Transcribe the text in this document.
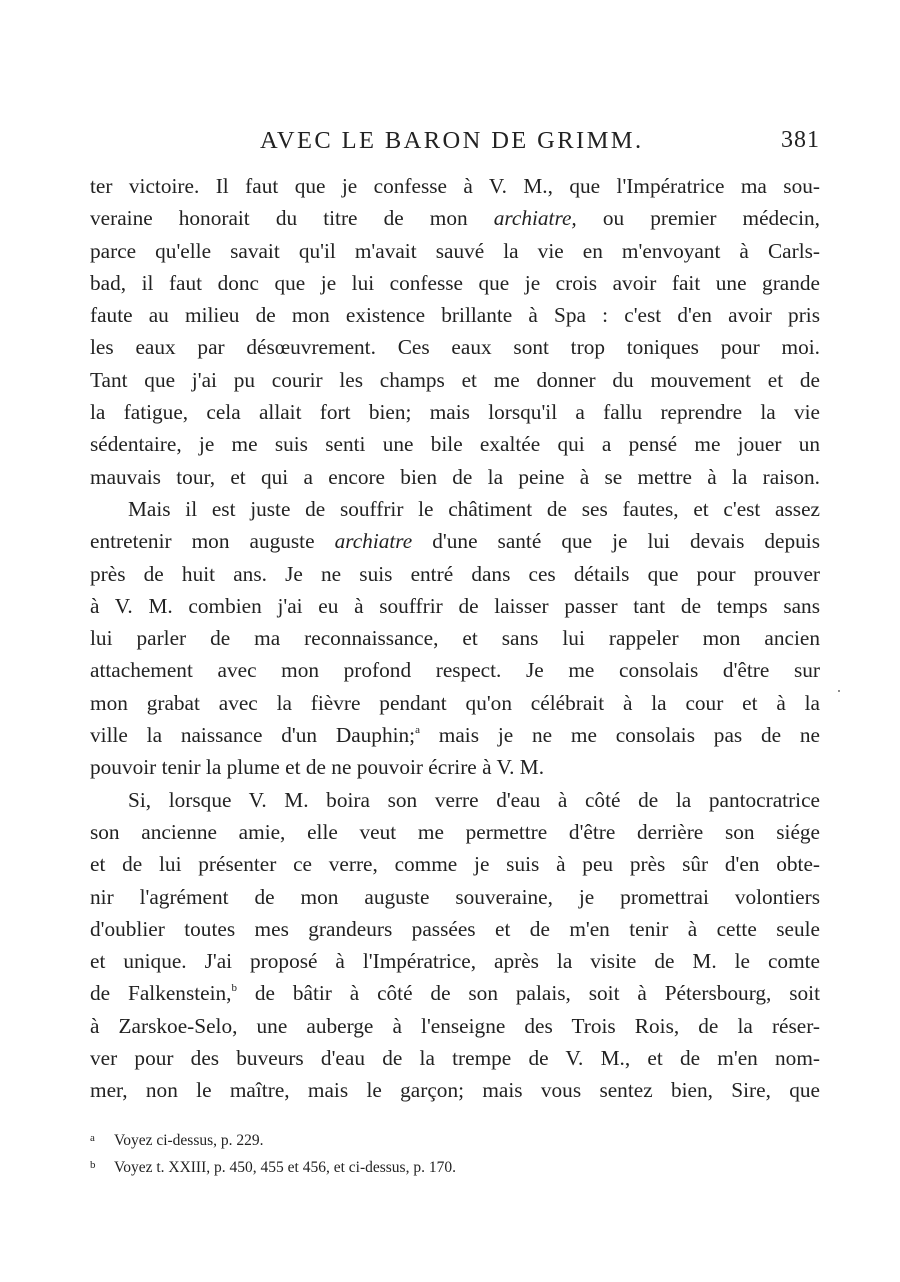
AVEC LE BARON DE GRIMM.	381
ter victoire. Il faut que je confesse à V. M., que l'Impératrice ma sou-
veraine honorait du titre de mon archiatre, ou premier médecin,
parce qu'elle savait qu'il m'avait sauvé la vie en m'envoyant à Carls-
bad, il faut donc que je lui confesse que je crois avoir fait une grande
faute au milieu de mon existence brillante à Spa : c'est d'en avoir pris
les eaux par désœuvrement. Ces eaux sont trop toniques pour moi.
Tant que j'ai pu courir les champs et me donner du mouvement et de
la fatigue, cela allait fort bien; mais lorsqu'il a fallu reprendre la vie
sédentaire, je me suis senti une bile exaltée qui a pensé me jouer un
mauvais tour, et qui a encore bien de la peine à se mettre à la raison.
Mais il est juste de souffrir le châtiment de ses fautes, et c'est assez
entretenir mon auguste archiatre d'une santé que je lui devais depuis
près de huit ans. Je ne suis entré dans ces détails que pour prouver
à V. M. combien j'ai eu à souffrir de laisser passer tant de temps sans
lui parler de ma reconnaissance, et sans lui rappeler mon ancien
attachement avec mon profond respect. Je me consolais d'être sur
mon grabat avec la fièvre pendant qu'on célébrait à la cour et à la
ville la naissance d'un Dauphin;$^a$ mais je ne me consolais pas de ne
pouvoir tenir la plume et de ne pouvoir écrire à V. M.
Si, lorsque V. M. boira son verre d'eau à côté de la pantocratrice
son ancienne amie, elle veut me permettre d'être derrière son siége
et de lui présenter ce verre, comme je suis à peu près sûr d'en obte-
nir l'agrément de mon auguste souveraine, je promettrai volontiers
d'oublier toutes mes grandeurs passées et de m'en tenir à cette seule
et unique. J'ai proposé à l'Impératrice, après la visite de M. le comte
de Falkenstein,$^b$ de bâtir à côté de son palais, soit à Pétersbourg, soit
à Zarskoe-Selo, une auberge à l'enseigne des Trois Rois, de la réser-
ver pour des buveurs d'eau de la trempe de V. M., et de m'en nom-
mer, non le maître, mais le garçon; mais vous sentez bien, Sire, que
a Voyez ci-dessus, p. 229.
b Voyez t. XXIII, p. 450, 455 et 456, et ci-dessus, p. 170.
